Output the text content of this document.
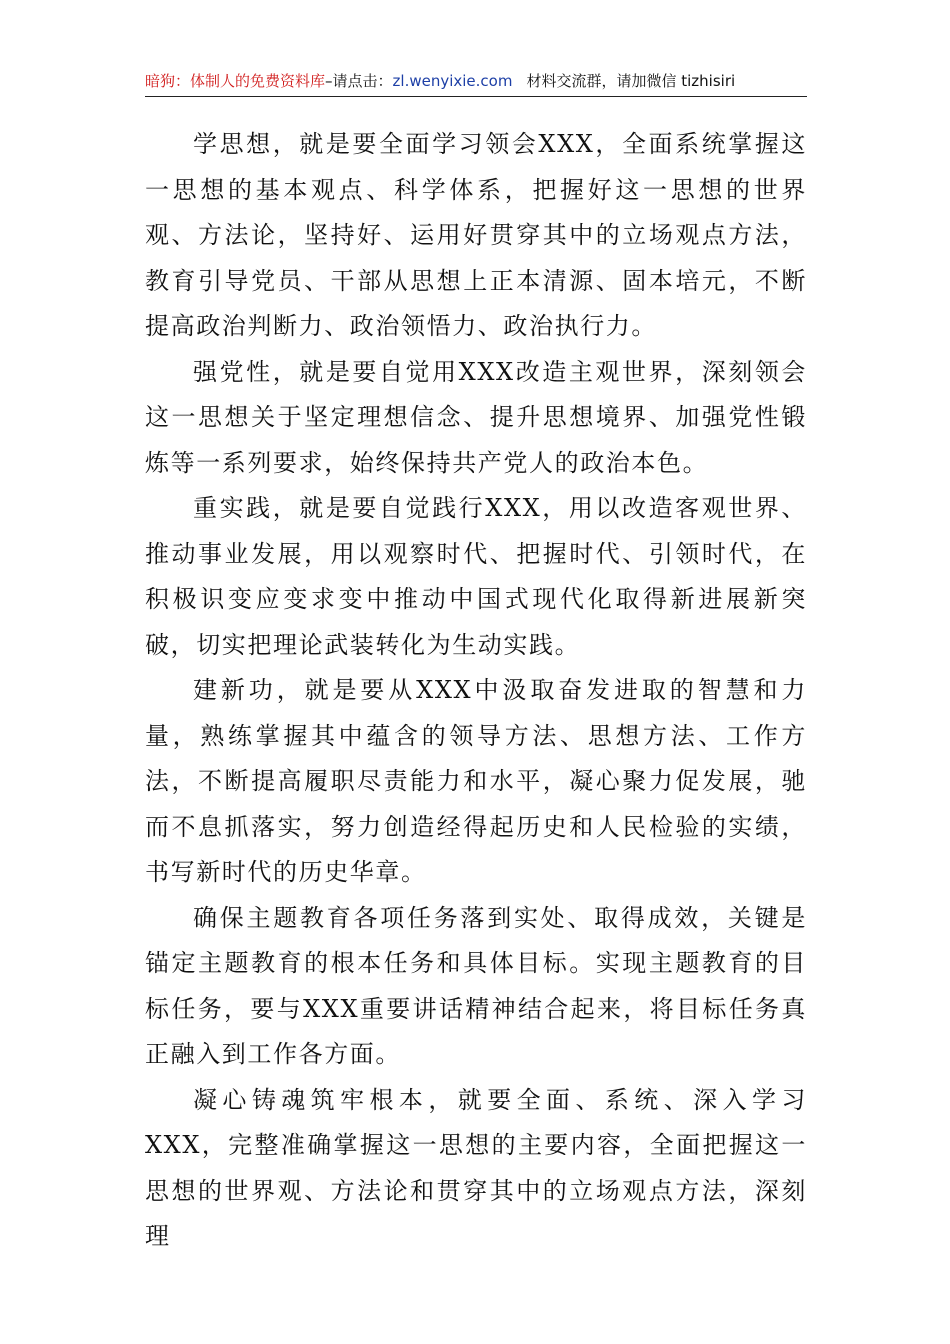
暗狗：体制人的免费资料库–请点击：zl.wenyixie.com 材料交流群，请加微信 tizhisiri

学思想，就是要全面学习领会XXX，全面系统掌握这一思想的基本观点、科学体系，把握好这一思想的世界观、方法论，坚持好、运用好贯穿其中的立场观点方法，教育引导党员、干部从思想上正本清源、固本培元，不断提高政治判断力、政治领悟力、政治执行力。

强党性，就是要自觉用XXX改造主观世界，深刻领会这一思想关于坚定理想信念、提升思想境界、加强党性锻炼等一系列要求，始终保持共产党人的政治本色。

重实践，就是要自觉践行XXX，用以改造客观世界、推动事业发展，用以观察时代、把握时代、引领时代，在积极识变应变求变中推动中国式现代化取得新进展新突破，切实把理论武装转化为生动实践。

建新功，就是要从XXX中汲取奋发进取的智慧和力量，熟练掌握其中蕴含的领导方法、思想方法、工作方法，不断提高履职尽责能力和水平，凝心聚力促发展，驰而不息抓落实，努力创造经得起历史和人民检验的实绩，书写新时代的历史华章。

确保主题教育各项任务落到实处、取得成效，关键是锚定主题教育的根本任务和具体目标。实现主题教育的目标任务，要与XXX重要讲话精神结合起来，将目标任务真正融入到工作各方面。

凝心铸魂筑牢根本，就要全面、系统、深入学习XXX，完整准确掌握这一思想的主要内容，全面把握这一思想的世界观、方法论和贯穿其中的立场观点方法，深刻理
